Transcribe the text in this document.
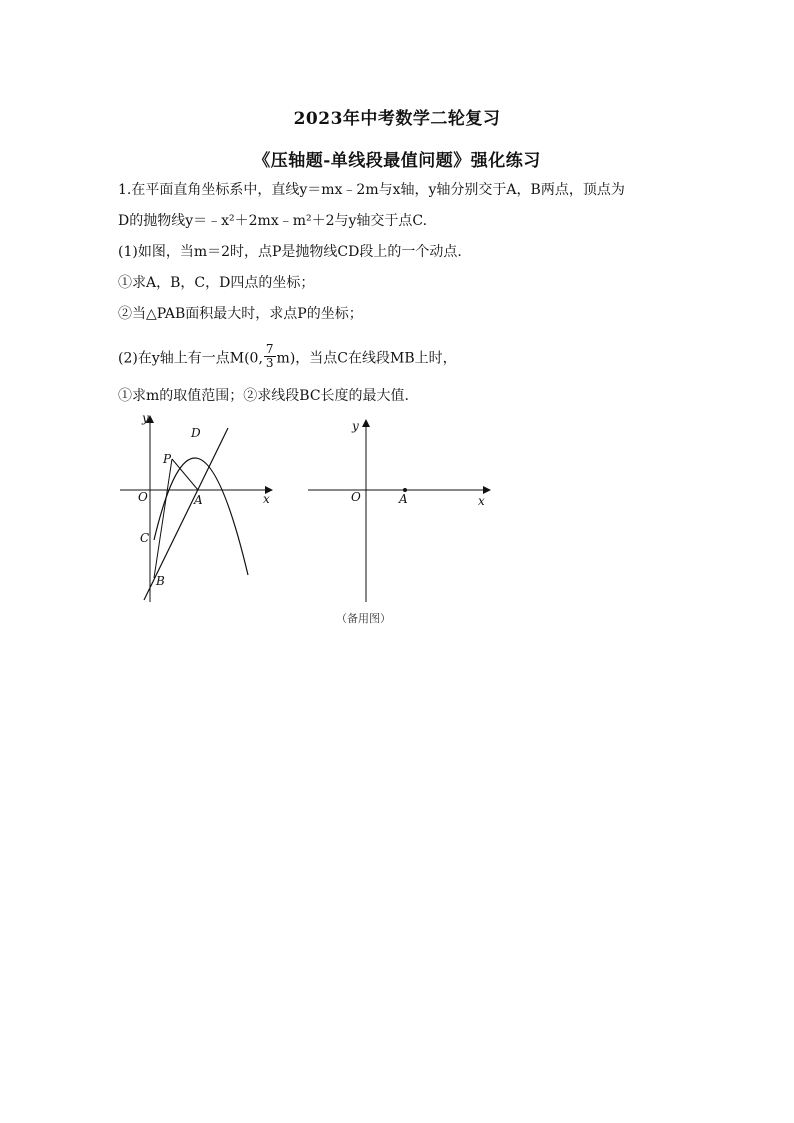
2023年中考数学二轮复习
《压轴题-单线段最值问题》强化练习
1.在平面直角坐标系中，直线y＝mx﹣2m与x轴，y轴分别交于A，B两点，顶点为
D的抛物线y＝﹣x²＋2mx﹣m²＋2与y轴交于点C.
(1)如图，当m＝2时，点P是抛物线CD段上的一个动点.
①求A，B，C，D四点的坐标；
②当△PAB面积最大时，求点P的坐标；
(2)在y轴上有一点M(0, $\frac{7}{3} m$)，当点C在线段MB上时，
①求m的取值范围；②求线段BC长度的最大值.
y
x
O	A
B
C
D
P
y
x
O	A
（备用图）
